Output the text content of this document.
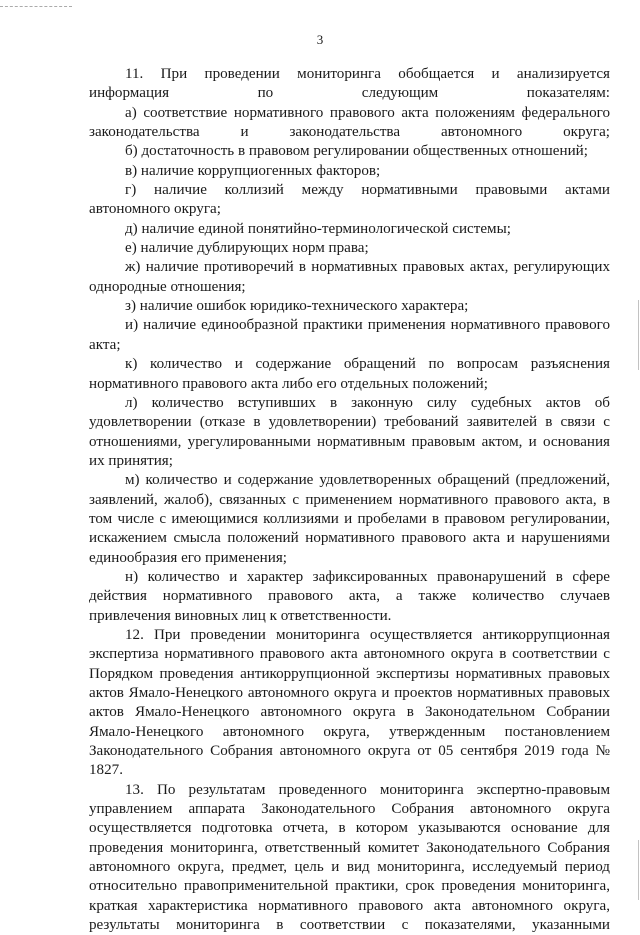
3

11. При проведении мониторинга обобщается и анализируется информация по следующим показателям:

а) соответствие нормативного правового акта положениям федерального законодательства и законодательства автономного округа;

б) достаточность в правовом регулировании общественных отношений;

в) наличие коррупциогенных факторов;

г) наличие коллизий между нормативными правовыми актами автономного округа;

д) наличие единой понятийно-терминологической системы;

е) наличие дублирующих норм права;

ж) наличие противоречий в нормативных правовых актах, регулирующих однородные отношения;

з) наличие ошибок юридико-технического характера;

и) наличие единообразной практики применения нормативного правового акта;

к) количество и содержание обращений по вопросам разъяснения нормативного правового акта либо его отдельных положений;

л) количество вступивших в законную силу судебных актов об удовлетворении (отказе в удовлетворении) требований заявителей в связи с отношениями, урегулированными нормативным правовым актом, и основания их принятия;

м) количество и содержание удовлетворенных обращений (предложений, заявлений, жалоб), связанных с применением нормативного правового акта, в том числе с имеющимися коллизиями и пробелами в правовом регулировании, искажением смысла положений нормативного правового акта и нарушениями единообразия его применения;

н) количество и характер зафиксированных правонарушений в сфере действия нормативного правового акта, а также количество случаев привлечения виновных лиц к ответственности.

12. При проведении мониторинга осуществляется антикоррупционная экспертиза нормативного правового акта автономного округа в соответствии с Порядком проведения антикоррупционной экспертизы нормативных правовых актов Ямало-Ненецкого автономного округа и проектов нормативных правовых актов Ямало-Ненецкого автономного округа в Законодательном Собрании Ямало-Ненецкого автономного округа, утвержденным постановлением Законодательного Собрания автономного округа от 05 сентября 2019 года № 1827.

13. По результатам проведенного мониторинга экспертно-правовым управлением аппарата Законодательного Собрания автономного округа осуществляется подготовка отчета, в котором указываются основание для проведения мониторинга, ответственный комитет Законодательного Собрания автономного округа, предмет, цель и вид мониторинга, исследуемый период относительно правоприменительной практики, срок проведения мониторинга, краткая характеристика нормативного правового акта автономного округа, результаты мониторинга в соответствии с показателями, указанными
